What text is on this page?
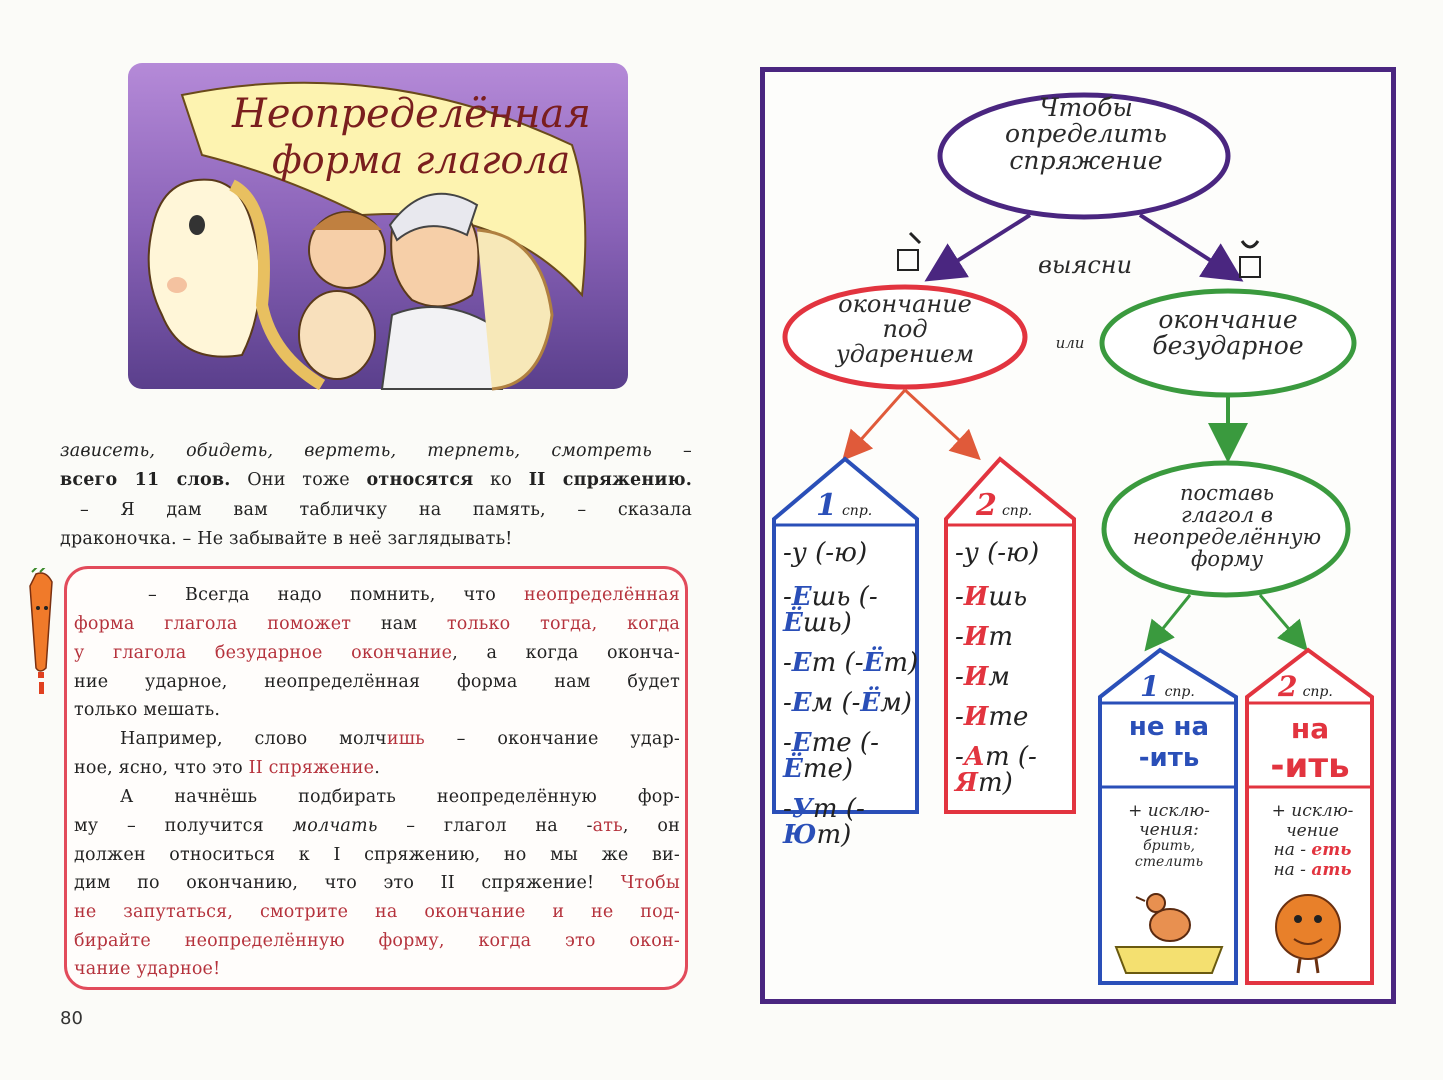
Неопределённая
форма глагола
зависеть, обидеть, вертеть, терпеть, смотреть –
всего 11 слов. Они тоже относятся ко II спряжению.
– Я дам вам табличку на память, – сказала
драконочка. – Не забывайте в неё заглядывать!
– Всегда надо помнить, что неопределённая
форма глагола поможет нам только тогда, когда
у глагола безударное окончание, а когда оконча-
ние ударное, неопределённая форма нам будет
только мешать.
Например, слово молчишь – окончание удар-
ное, ясно, что это II спряжение.
А начнёшь подбирать неопределённую фор-
му – получится молчать – глагол на -ать, он
должен относиться к I спряжению, но мы же ви-
дим по окончанию, что это II спряжение! Чтобы
не запутаться, смотрите на окончание и не под-
бирайте неопределённую форму, когда это окон-
чание ударное!
80
Чтобы
определить
спряжение
выясни
или
окончание
под
ударением
окончание
безударное
поставь
глагол в
неопределённую
форму
1 спр.	2 спр.
1 спр.	2 спр.
-у (-ю)
-Ешь (-Ёшь)
-Ет (-Ёт)
-Ем (-Ём)
-Ете (-Ёте)
-Ут (-Ют)
-у (-ю)
-Ишь
-Ит
-Им
-Ите
-Ат (-Ят)
не на
-ить
+ исклю-
чения:
брить,
стелить
на
-ить
+ исклю-
чение
на - еть
на - ать
